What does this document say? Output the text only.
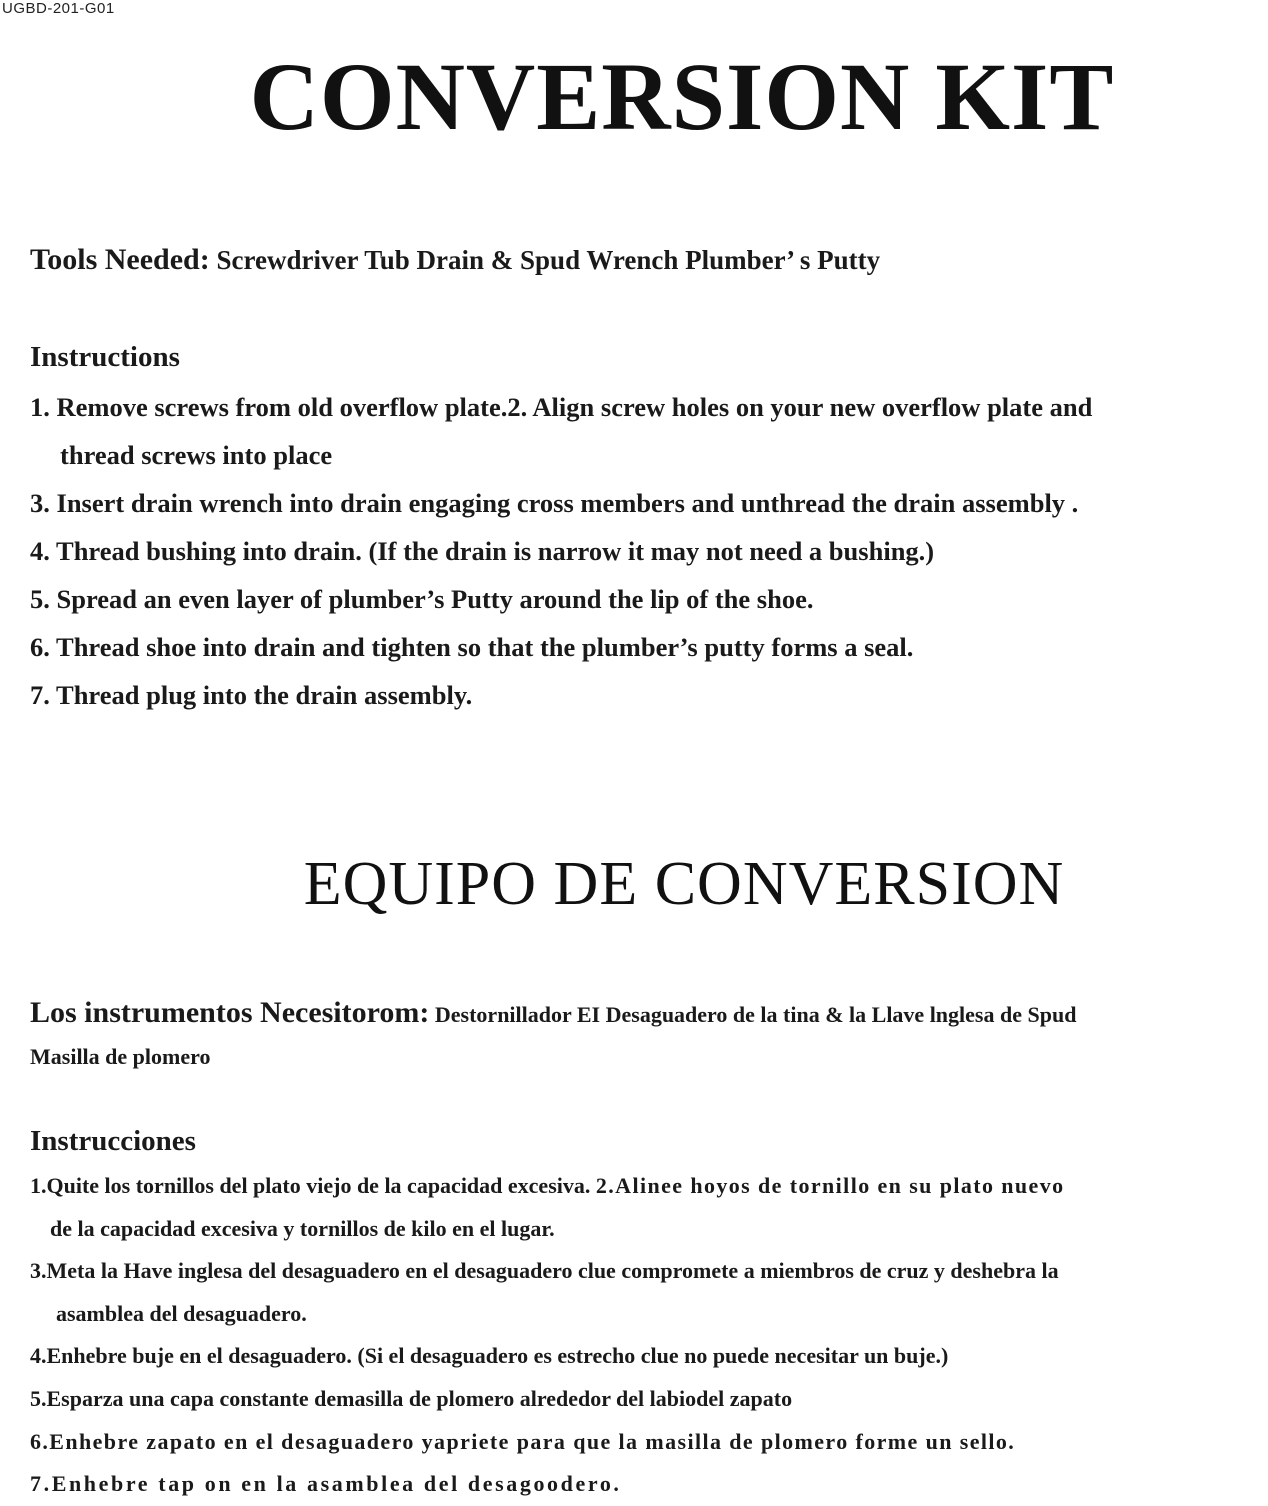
UGBD-201-G01
CONVERSION KIT
Tools Needed: Screwdriver Tub Drain & Spud Wrench Plumber’ s Putty
Instructions
1. Remove screws from old overflow plate.2. Align screw holes on your new overflow plate and
thread screws into place
3. Insert drain wrench into drain engaging cross members and unthread the drain assembly .
4. Thread bushing into drain. (If the drain is narrow it may not need a bushing.)
5. Spread an even layer of plumber’s Putty around the lip of the shoe.
6. Thread shoe into drain and tighten so that the plumber’s putty forms a seal.
7. Thread plug into the drain assembly.
EQUIPO DE CONVERSION
Los instrumentos Necesitorom: Destornillador EI Desaguadero de la tina & la Llave lnglesa de Spud
Masilla de plomero
Instrucciones
1.Quite los tornillos del plato viejo de la capacidad excesiva. 2.Alinee hoyos de tornillo en su plato nuevo
de la capacidad excesiva y tornillos de kilo en el lugar.
3.Meta la Have inglesa del desaguadero en el desaguadero clue compromete a miembros de cruz y deshebra la
asamblea del desaguadero.
4.Enhebre buje en el desaguadero. (Si el desaguadero es estrecho clue no puede necesitar un buje.)
5.Esparza una capa constante demasilla de plomero alrededor del labiodel zapato
6.Enhebre zapato en el desaguadero yapriete para que la masilla de plomero forme un sello.
7.Enhebre tap on en la asamblea del desagoodero.
